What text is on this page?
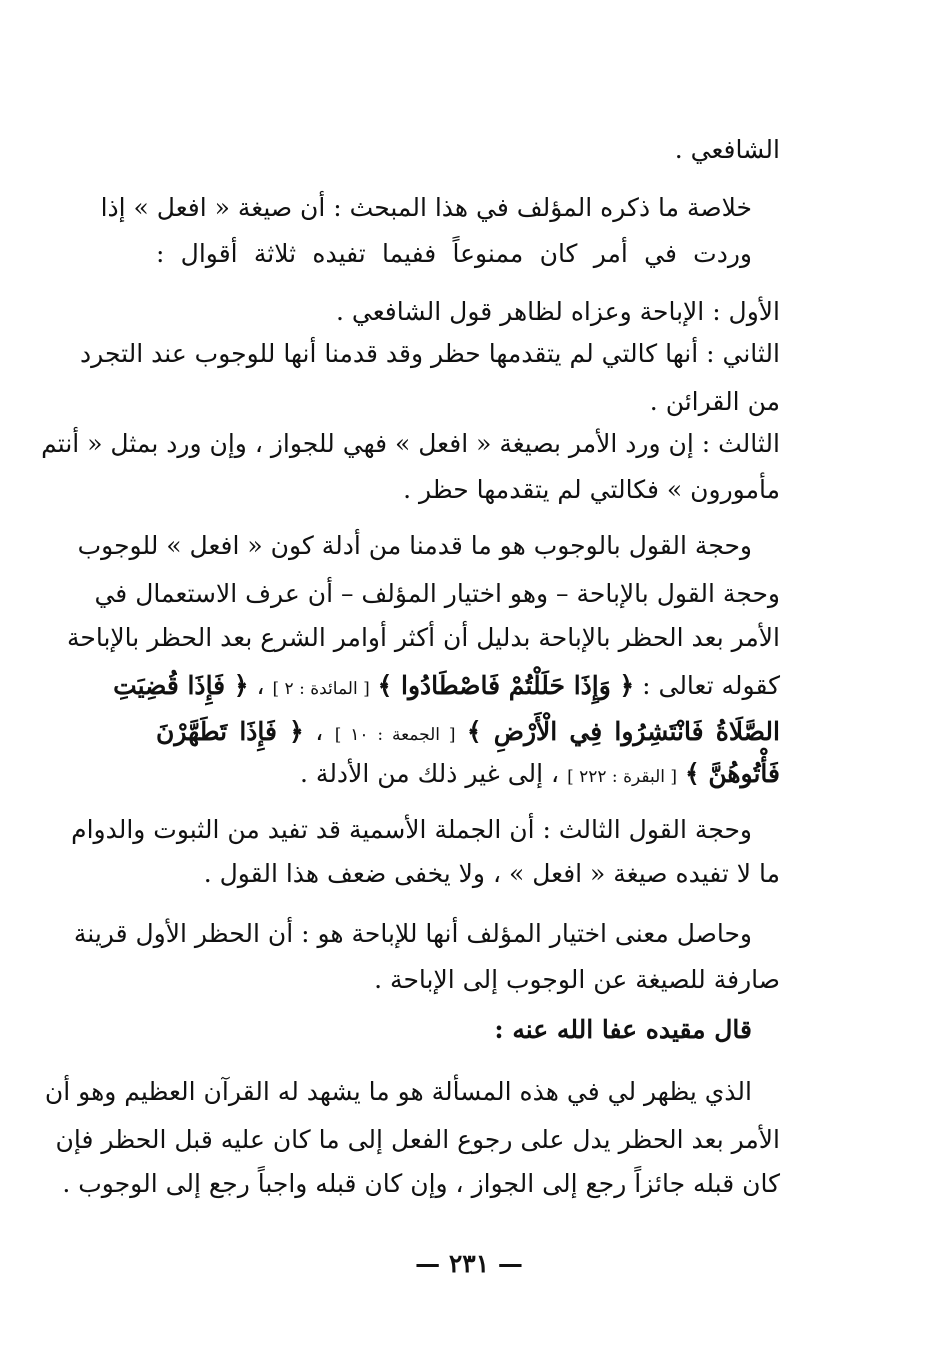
الشافعي .
خلاصة ما ذكره المؤلف في هذا المبحث : أن صيغة « افعل » إذا
وردت في أمر كان ممنوعاً ففيما تفيده ثلاثة أقوال :
الأول : الإباحة وعزاه لظاهر قول الشافعي .
الثاني : أنها كالتي لم يتقدمها حظر وقد قدمنا أنها للوجوب عند التجرد
من القرائن .
الثالث : إن ورد الأمر بصيغة « افعل » فهي للجواز ، وإن ورد بمثل « أنتم
مأمورون » فكالتي لم يتقدمها حظر .
وحجة القول بالوجوب هو ما قدمنا من أدلة كون « افعل » للوجوب
وحجة القول بالإباحة – وهو اختيار المؤلف – أن عرف الاستعمال في
الأمر بعد الحظر بالإباحة بدليل أن أكثر أوامر الشرع بعد الحظر بالإباحة
كقوله تعالى : ﴿ وَإِذَا حَلَلْتُمْ فَاصْطَادُوا ﴾ [ المائدة : ٢ ] ، ﴿ فَإِذَا قُضِيَتِ
الصَّلَاةُ فَانْتَشِرُوا فِي الْأَرْضِ ﴾ [ الجمعة : ١٠ ] ، ﴿ فَإِذَا تَطَهَّرْنَ
فَأْتُوهُنَّ ﴾ [ البقرة : ٢٢٢ ] ، إلى غير ذلك من الأدلة .
وحجة القول الثالث : أن الجملة الأسمية قد تفيد من الثبوت والدوام
ما لا تفيده صيغة « افعل » ، ولا يخفى ضعف هذا القول .
وحاصل معنى اختيار المؤلف أنها للإباحة هو : أن الحظر الأول قرينة
صارفة للصيغة عن الوجوب إلى الإباحة .
قال مقيده عفا الله عنه :
الذي يظهر لي في هذه المسألة هو ما يشهد له القرآن العظيم وهو أن
الأمر بعد الحظر يدل على رجوع الفعل إلى ما كان عليه قبل الحظر فإن
كان قبله جائزاً رجع إلى الجواز ، وإن كان قبله واجباً رجع إلى الوجوب .
— ٢٣١ —
